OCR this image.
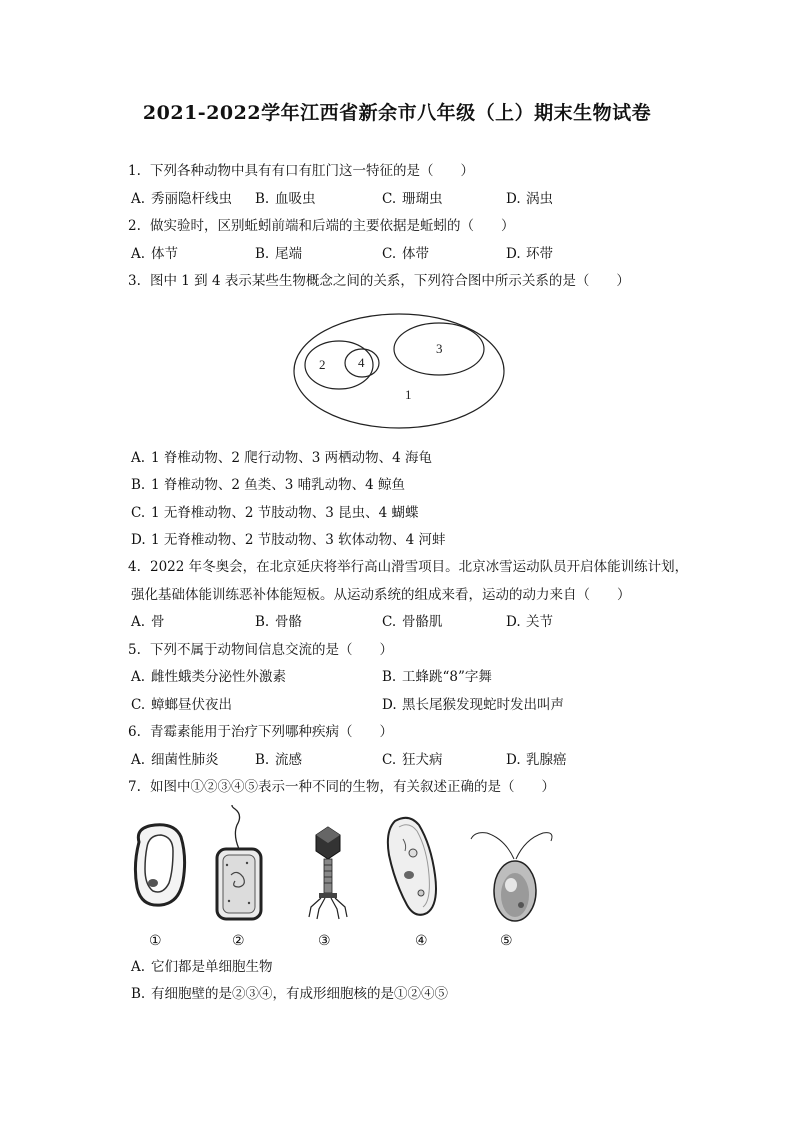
2021-2022学年江西省新余市八年级（上）期末生物试卷
1. 下列各种动物中具有有口有肛门这一特征的是（　　）
A. 秀丽隐杆线虫 B. 血吸虫	C. 珊瑚虫	D. 涡虫
2. 做实验时，区别蚯蚓前端和后端的主要依据是蚯蚓的（　　）
A. 体节	B. 尾端	C. 体带	D. 环带
3. 图中 1 到 4 表示某些生物概念之间的关系，下列符合图中所示关系的是（　　）
1
2	4
3
A. 1 脊椎动物、2 爬行动物、3 两栖动物、4 海龟
B. 1 脊椎动物、2 鱼类、3 哺乳动物、4 鲸鱼
C. 1 无脊椎动物、2 节肢动物、3 昆虫、4 蝴蝶
D. 1 无脊椎动物、2 节肢动物、3 软体动物、4 河蚌
4. 2022 年冬奥会，在北京延庆将举行高山滑雪项目。北京冰雪运动队员开启体能训练计划，
强化基础体能训练恶补体能短板。从运动系统的组成来看，运动的动力来自（　　）
A. 骨	B. 骨骼	C. 骨骼肌	D. 关节
5. 下列不属于动物间信息交流的是（　　）
A. 雌性蛾类分泌性外激素	B. 工蜂跳“8”字舞
C. 蟑螂昼伏夜出	D. 黑长尾猴发现蛇时发出叫声
6. 青霉素能用于治疗下列哪种疾病（　　）
A. 细菌性肺炎	B. 流感	C. 狂犬病	D. 乳腺癌
7. 如图中①②③④⑤表示一种不同的生物，有关叙述正确的是（　　）
①	②	③	④	⑤
A. 它们都是单细胞生物
B. 有细胞壁的是②③④，有成形细胞核的是①②④⑤
